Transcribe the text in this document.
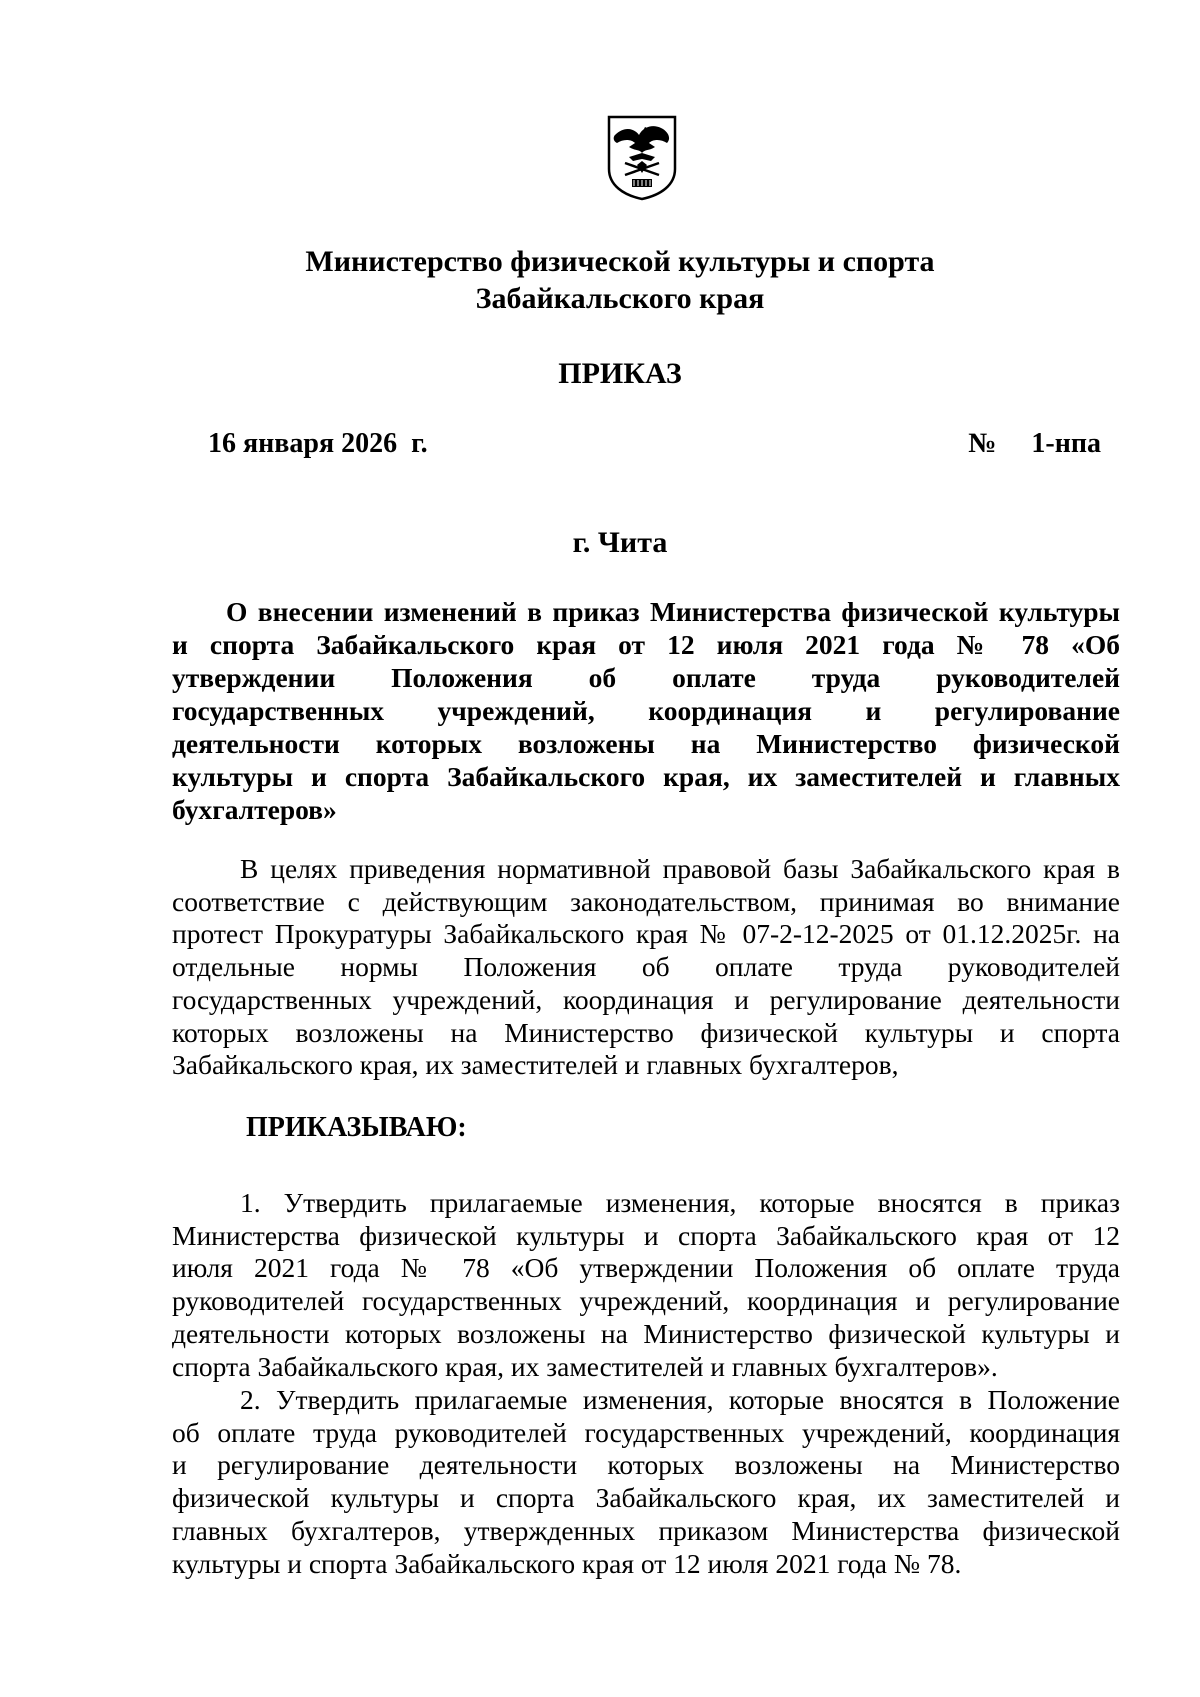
Министерство физической культуры и спорта
Забайкальского края
ПРИКАЗ
16 января 2026  г.	№     1-нпа
г. Чита
О внесении изменений в приказ Министерства физической культуры
и спорта Забайкальского края от 12 июля 2021 года № 78 «Об
утверждении Положения об оплате труда руководителей
государственных учреждений, координация и регулирование
деятельности которых возложены на Министерство физической
культуры и спорта Забайкальского края, их заместителей и главных
бухгалтеров»
В целях приведения нормативной правовой базы Забайкальского края в
соответствие с действующим законодательством, принимая во внимание
протест Прокуратуры Забайкальского края № 07-2-12-2025 от 01.12.2025г. на
отдельные нормы Положения об оплате труда руководителей
государственных учреждений, координация и регулирование деятельности
которых возложены на Министерство физической культуры и спорта
Забайкальского края, их заместителей и главных бухгалтеров,
ПРИКАЗЫВАЮ:
1. Утвердить прилагаемые изменения, которые вносятся в приказ
Министерства физической культуры и спорта Забайкальского края от 12
июля 2021 года № 78 «Об утверждении Положения об оплате труда
руководителей государственных учреждений, координация и регулирование
деятельности которых возложены на Министерство физической культуры и
спорта Забайкальского края, их заместителей и главных бухгалтеров».
2. Утвердить прилагаемые изменения, которые вносятся в Положение
об оплате труда руководителей государственных учреждений, координация
и регулирование деятельности которых возложены на Министерство
физической культуры и спорта Забайкальского края, их заместителей и
главных бухгалтеров, утвержденных приказом Министерства физической
культуры и спорта Забайкальского края от 12 июля 2021 года № 78.
